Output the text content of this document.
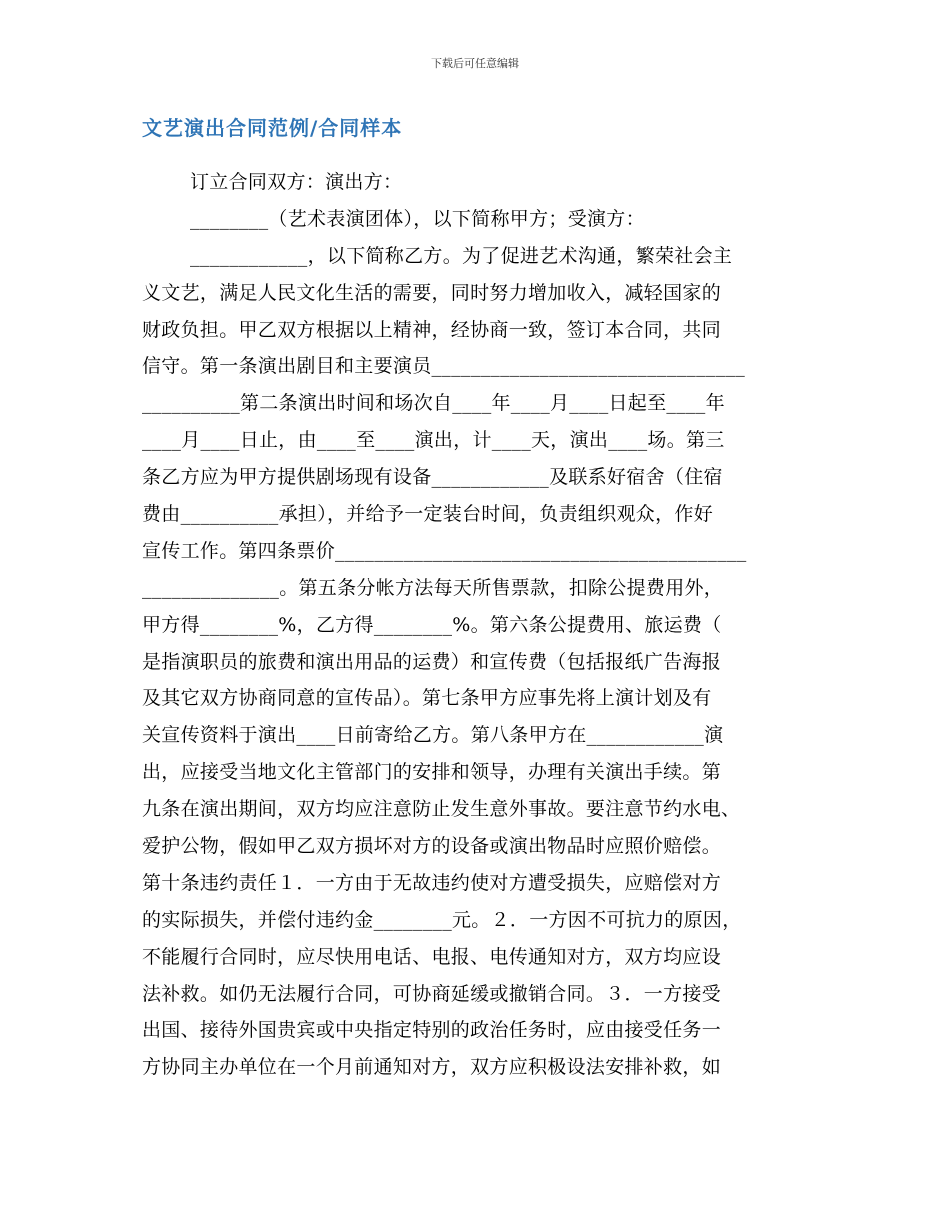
下载后可任意编辑
文艺演出合同范例/合同样本
订立合同双方：演出方：
________（艺术表演团体），以下简称甲方；受演方：
____________，以下简称乙方。为了促进艺术沟通，繁荣社会主
义文艺，满足人民文化生活的需要，同时努力增加收入，减轻国家的
财政负担。甲乙双方根据以上精神，经协商一致，签订本合同，共同
信守。第一条演出剧目和主要演员________________________________
__________第二条演出时间和场次自____年____月____日起至____年
____月____日止，由____至____演出，计____天，演出____场。第三
条乙方应为甲方提供剧场现有设备____________及联系好宿舍（住宿
费由__________承担），并给予一定装台时间，负责组织观众，作好
宣传工作。第四条票价__________________________________________
______________。第五条分帐方法每天所售票款，扣除公提费用外，
甲方得________%，乙方得________%。第六条公提费用、旅运费（
是指演职员的旅费和演出用品的运费）和宣传费（包括报纸广告海报
及其它双方协商同意的宣传品）。第七条甲方应事先将上演计划及有
关宣传资料于演出____日前寄给乙方。第八条甲方在____________演
出，应接受当地文化主管部门的安排和领导，办理有关演出手续。第
九条在演出期间，双方均应注意防止发生意外事故。要注意节约水电、
爱护公物，假如甲乙双方损坏对方的设备或演出物品时应照价赔偿。
第十条违约责任１．一方由于无故违约使对方遭受损失，应赔偿对方
的实际损失，并偿付违约金________元。２．一方因不可抗力的原因，
不能履行合同时，应尽快用电话、电报、电传通知对方，双方均应设
法补救。如仍无法履行合同，可协商延缓或撤销合同。３．一方接受
出国、接待外国贵宾或中央指定特别的政治任务时，应由接受任务一
方协同主办单位在一个月前通知对方，双方应积极设法安排补救，如
